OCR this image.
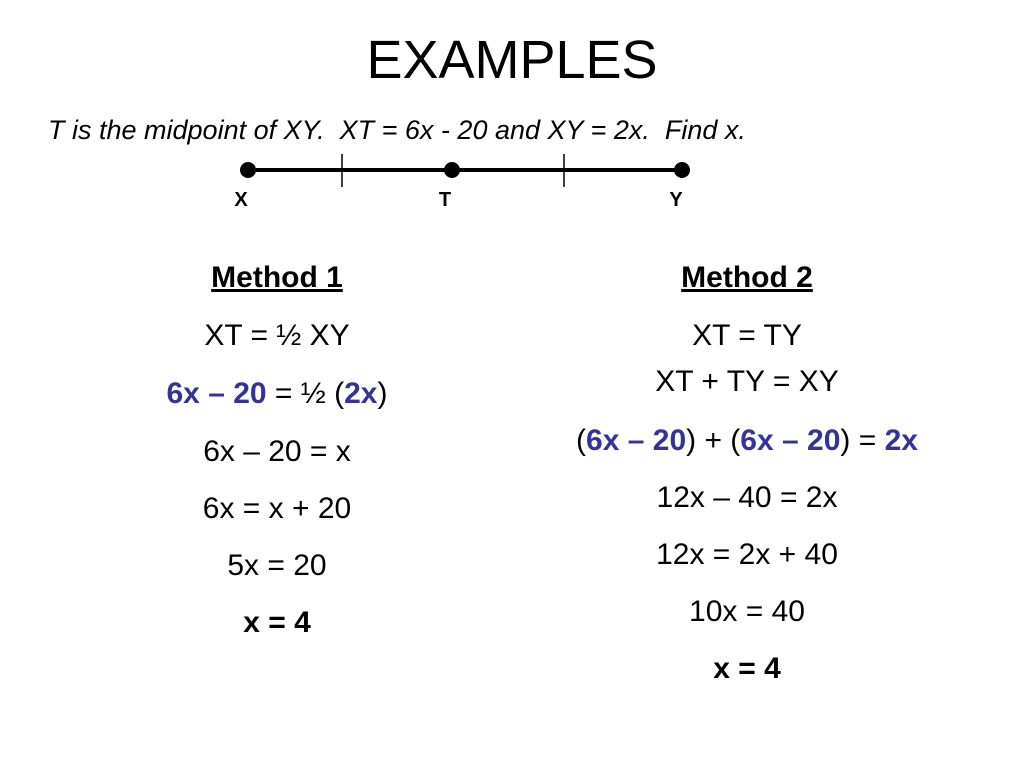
EXAMPLES
T is the midpoint of XY.  XT = 6x - 20 and XY = 2x.  Find x.
X	T	Y
Method 1
XT = ½ XY
6x – 20 = ½ (2x)
6x – 20 = x
6x = x + 20
5x = 20
x = 4
Method 2
XT = TY
XT + TY = XY
(6x – 20) + (6x – 20) = 2x
12x – 40 = 2x
12x = 2x + 40
10x = 40
x = 4
